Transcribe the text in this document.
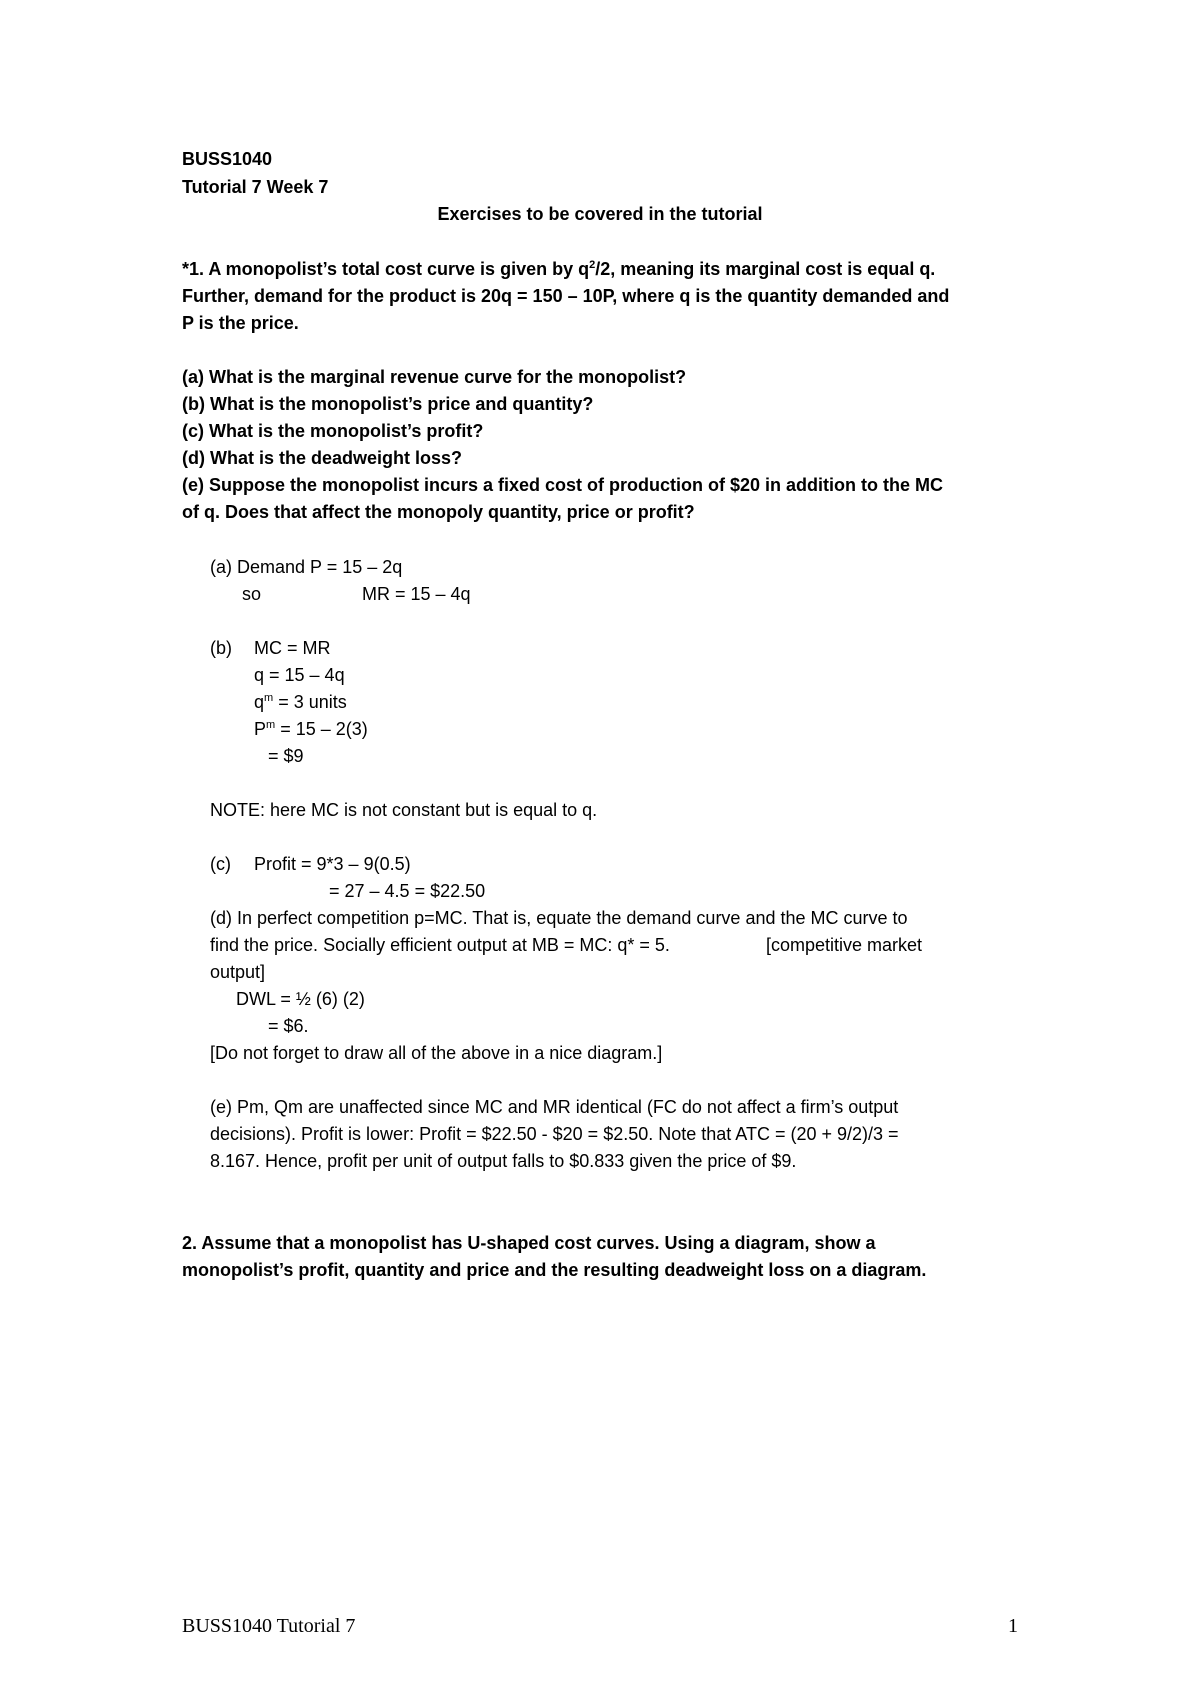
BUSS1040
Tutorial 7 Week 7
Exercises to be covered in the tutorial
*1. A monopolist’s total cost curve is given by $q^2/2$, meaning its marginal cost is equal q.
Further, demand for the product is 20q = 150 – 10P, where q is the quantity demanded and
P is the price.
(a) What is the marginal revenue curve for the monopolist?
(b) What is the monopolist’s price and quantity?
(c) What is the monopolist’s profit?
(d) What is the deadweight loss?
(e) Suppose the monopolist incurs a fixed cost of production of $20 in addition to the MC
of q. Does that affect the monopoly quantity, price or profit?
(a) Demand P = 15 – 2q
so	MR = 15 – 4q
(b) MC = MR
q = 15 – 4q
$q^m = 3$ units
$P^m = 15 - 2(3)$
= $9
NOTE: here MC is not constant but is equal to q.
(c) Profit = 9*3 – 9(0.5)
= 27 – 4.5 = $22.50
(d) In perfect competition p=MC. That is, equate the demand curve and the MC curve to
find the price. Socially efficient output at MB = MC: q* = 5.	[competitive market
output]
DWL = ½ (6) (2)
= $6.
[Do not forget to draw all of the above in a nice diagram.]
(e) Pm, Qm are unaffected since MC and MR identical (FC do not affect a firm’s output
decisions). Profit is lower: Profit = $22.50 - $20 = $2.50. Note that ATC = (20 + 9/2)/3 =
8.167. Hence, profit per unit of output falls to $0.833 given the price of $9.
2. Assume that a monopolist has U-shaped cost curves. Using a diagram, show a
monopolist’s profit, quantity and price and the resulting deadweight loss on a diagram.
BUSS1040 Tutorial 7	1
